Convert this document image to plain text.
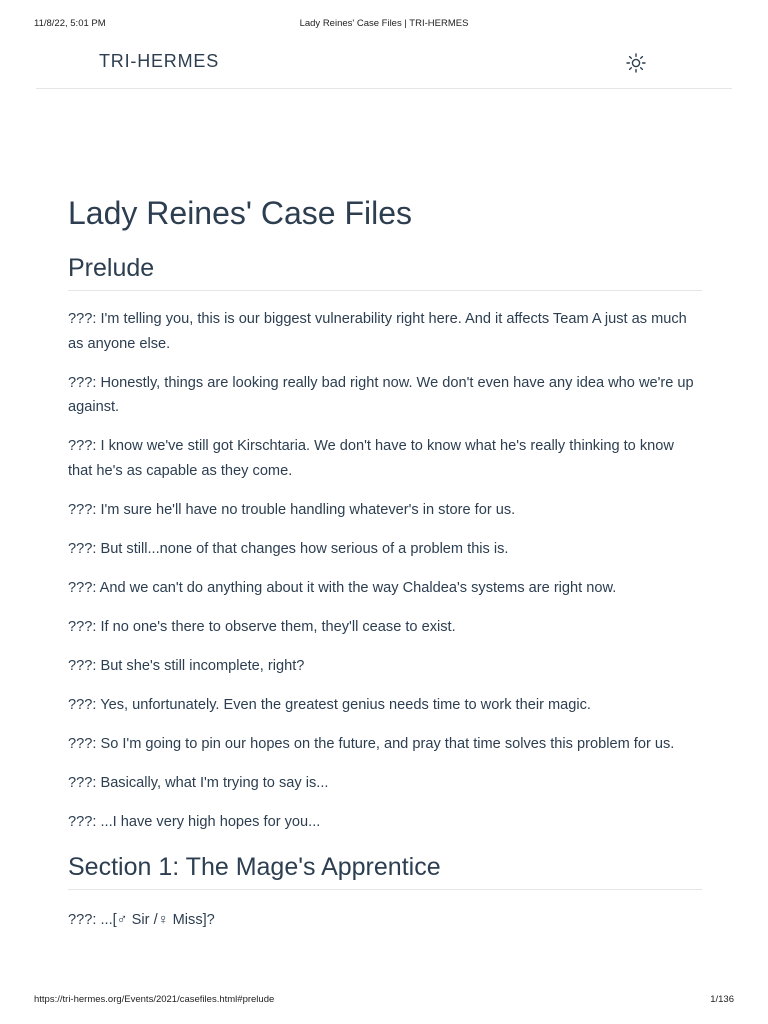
11/8/22, 5:01 PM	Lady Reines' Case Files | TRI-HERMES
TRI-HERMES
Lady Reines' Case Files
Prelude

???: I'm telling you, this is our biggest vulnerability right here. And it affects Team A just as much as anyone else.

???: Honestly, things are looking really bad right now. We don't even have any idea who we're up against.

???: I know we've still got Kirschtaria. We don't have to know what he's really thinking to know that he's as capable as they come.

???: I'm sure he'll have no trouble handling whatever's in store for us.

???: But still...none of that changes how serious of a problem this is.

???: And we can't do anything about it with the way Chaldea's systems are right now.

???: If no one's there to observe them, they'll cease to exist.

???: But she's still incomplete, right?

???: Yes, unfortunately. Even the greatest genius needs time to work their magic.

???: So I'm going to pin our hopes on the future, and pray that time solves this problem for us.

???: Basically, what I'm trying to say is...

???: ...I have very high hopes for you...

Section 1: The Mage's Apprentice

???: ...[♂ Sir /♀ Miss]?

https://tri-hermes.org/Events/2021/casefiles.html#prelude	1/136
